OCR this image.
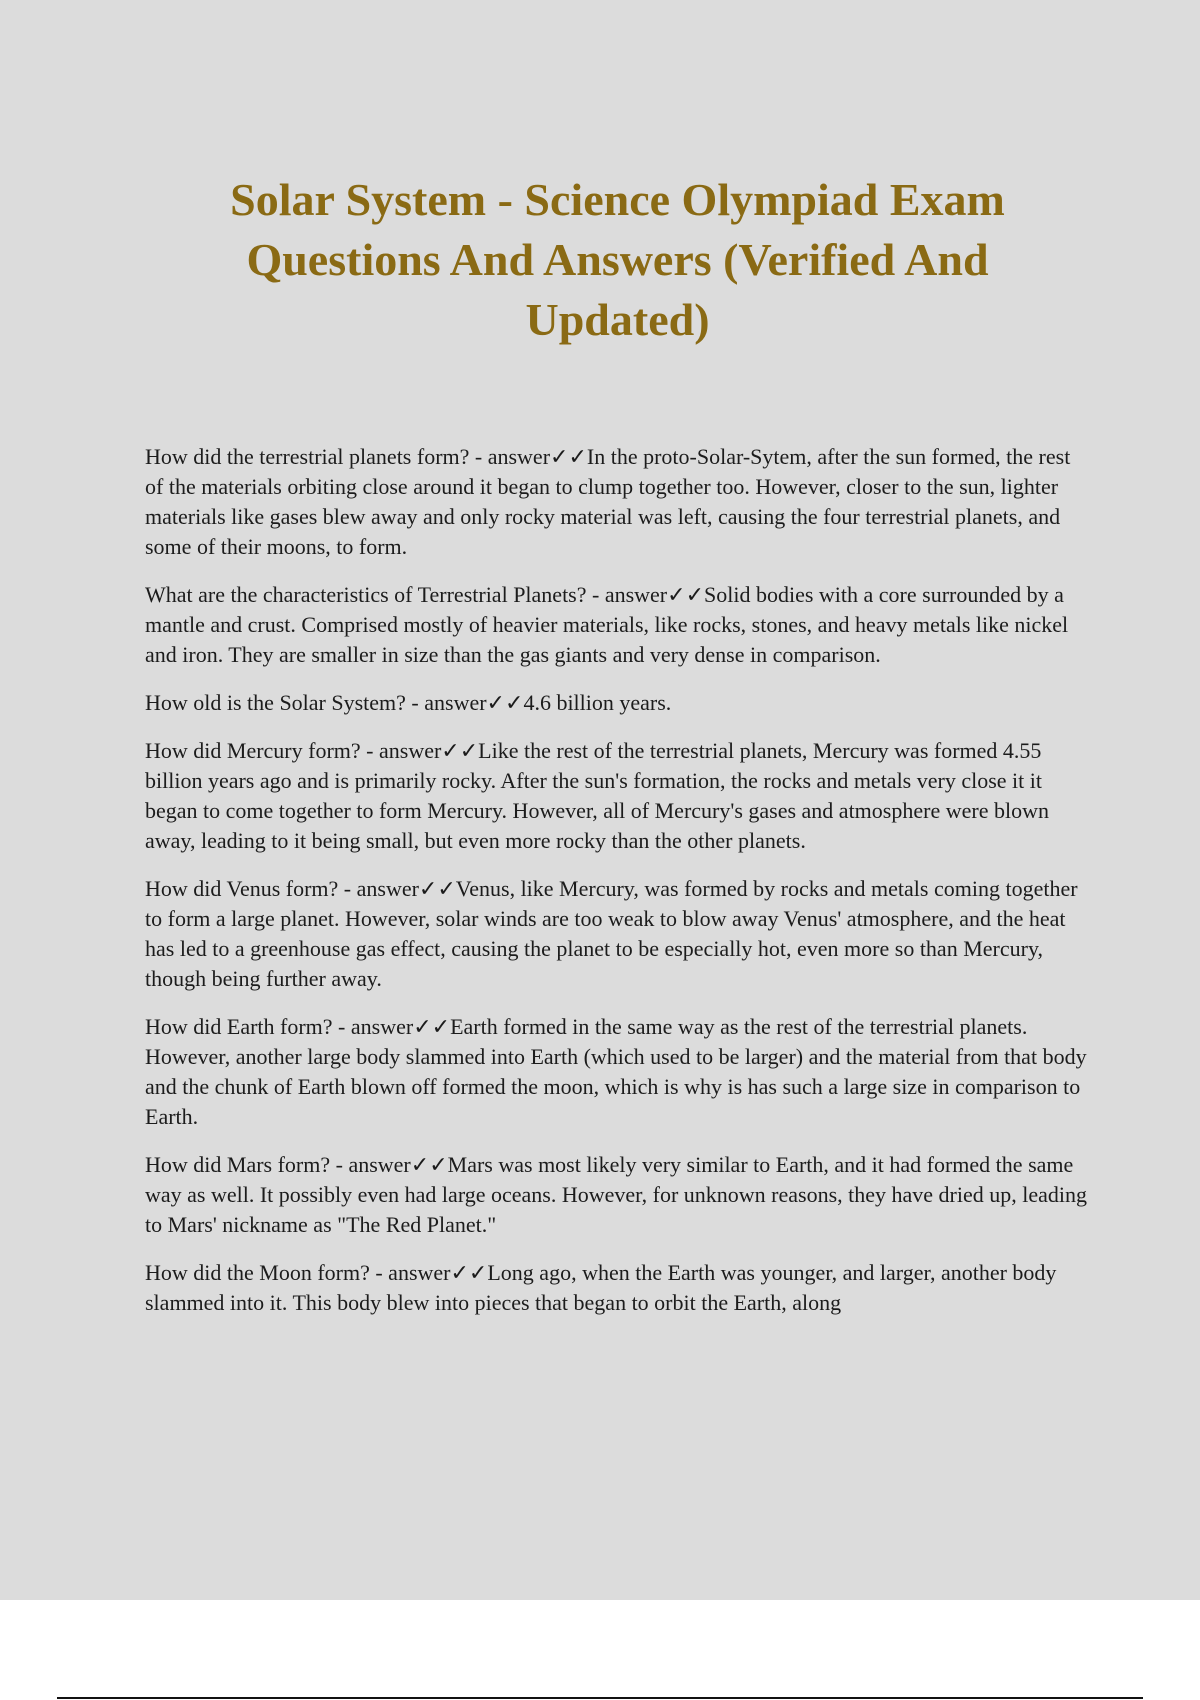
Solar System - Science Olympiad Exam Questions And Answers (Verified And Updated)

How did the terrestrial planets form? - answer✓✓In the proto-Solar-Sytem, after the sun formed, the rest of the materials orbiting close around it began to clump together too. However, closer to the sun, lighter materials like gases blew away and only rocky material was left, causing the four terrestrial planets, and some of their moons, to form.

What are the characteristics of Terrestrial Planets? - answer✓✓Solid bodies with a core surrounded by a mantle and crust. Comprised mostly of heavier materials, like rocks, stones, and heavy metals like nickel and iron. They are smaller in size than the gas giants and very dense in comparison.

How old is the Solar System? - answer✓✓4.6 billion years.

How did Mercury form? - answer✓✓Like the rest of the terrestrial planets, Mercury was formed 4.55 billion years ago and is primarily rocky. After the sun's formation, the rocks and metals very close it it began to come together to form Mercury. However, all of Mercury's gases and atmosphere were blown away, leading to it being small, but even more rocky than the other planets.

How did Venus form? - answer✓✓Venus, like Mercury, was formed by rocks and metals coming together to form a large planet. However, solar winds are too weak to blow away Venus' atmosphere, and the heat has led to a greenhouse gas effect, causing the planet to be especially hot, even more so than Mercury, though being further away.

How did Earth form? - answer✓✓Earth formed in the same way as the rest of the terrestrial planets. However, another large body slammed into Earth (which used to be larger) and the material from that body and the chunk of Earth blown off formed the moon, which is why is has such a large size in comparison to Earth.

How did Mars form? - answer✓✓Mars was most likely very similar to Earth, and it had formed the same way as well. It possibly even had large oceans. However, for unknown reasons, they have dried up, leading to Mars' nickname as "The Red Planet."

How did the Moon form? - answer✓✓Long ago, when the Earth was younger, and larger, another body slammed into it. This body blew into pieces that began to orbit the Earth, along
